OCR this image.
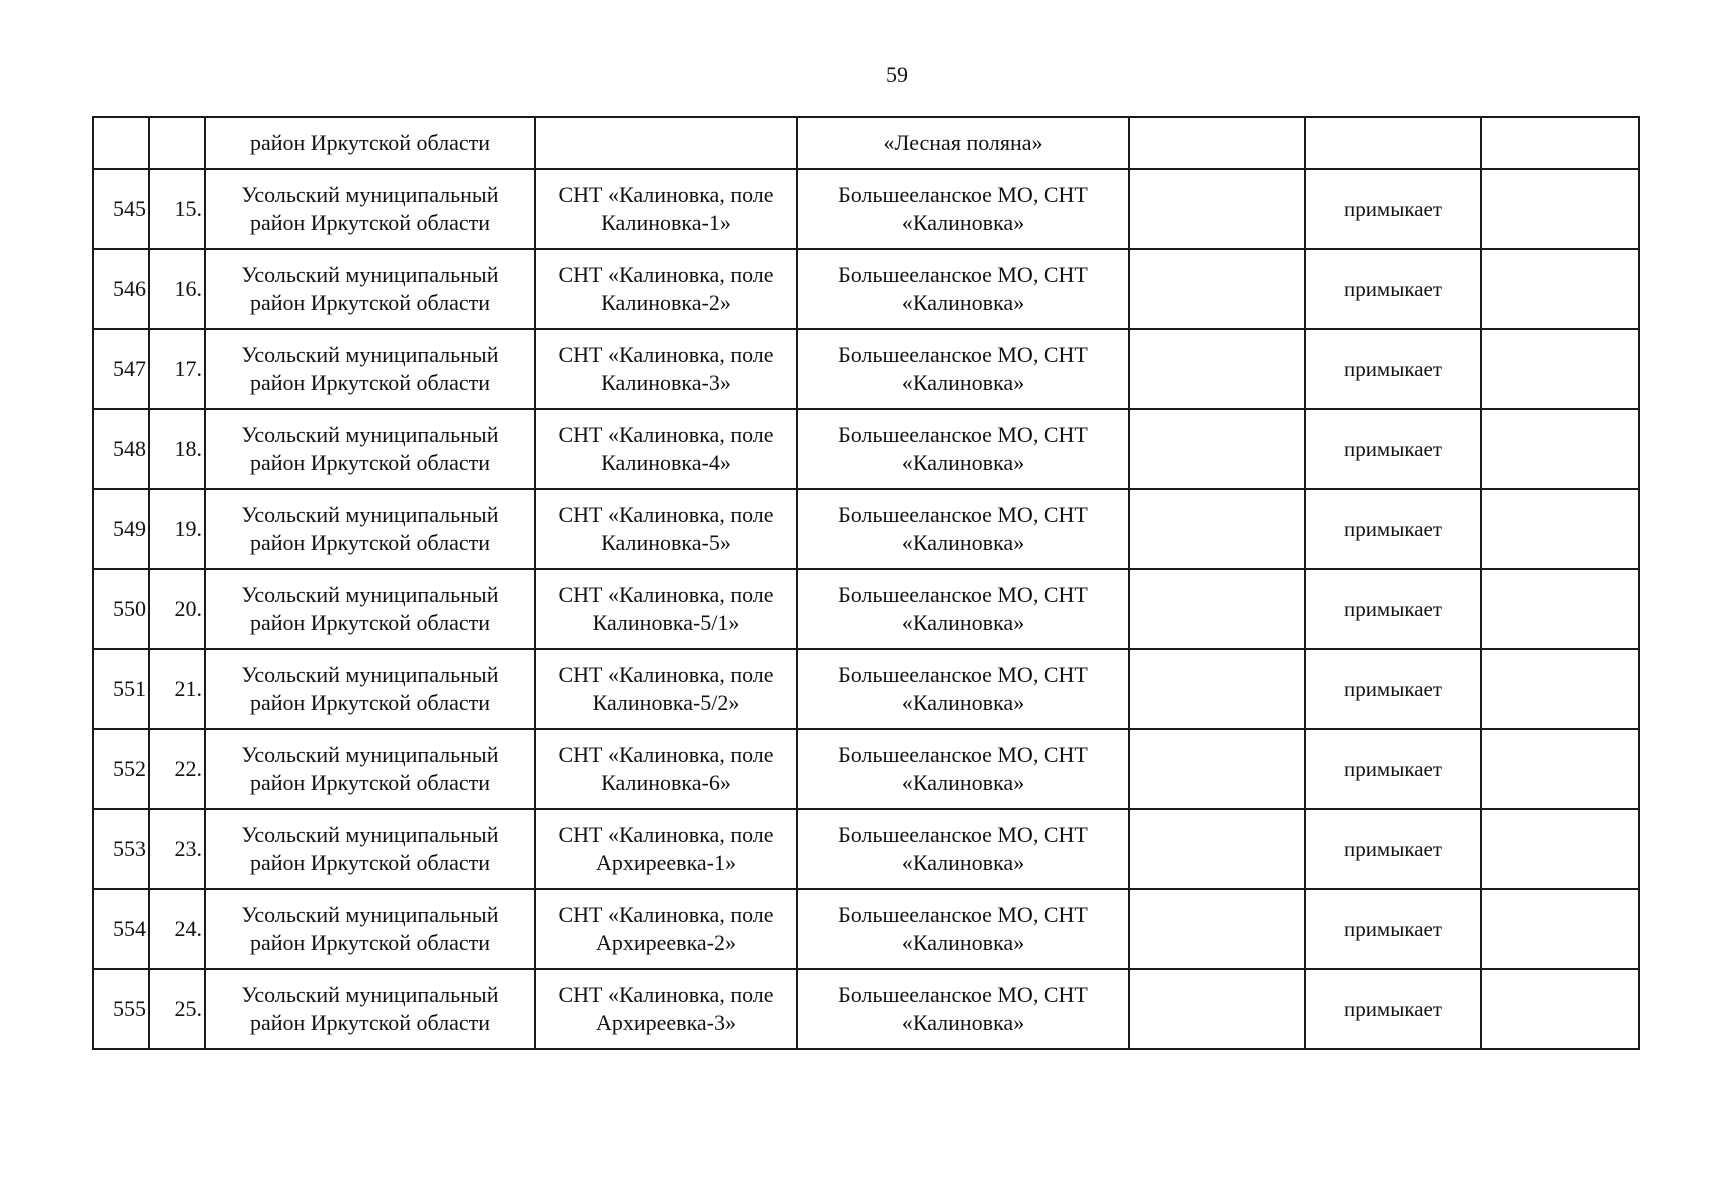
59
		район Иркутской области		«Лесная поляна»			
545	15.	Усольский муниципальный район Иркутской области	СНТ «Калиновка, поле Калиновка-1»	Большееланское МО, СНТ «Калиновка»		примыкает	
546	16.	Усольский муниципальный район Иркутской области	СНТ «Калиновка, поле Калиновка-2»	Большееланское МО, СНТ «Калиновка»		примыкает	
547	17.	Усольский муниципальный район Иркутской области	СНТ «Калиновка, поле Калиновка-3»	Большееланское МО, СНТ «Калиновка»		примыкает	
548	18.	Усольский муниципальный район Иркутской области	СНТ «Калиновка, поле Калиновка-4»	Большееланское МО, СНТ «Калиновка»		примыкает	
549	19.	Усольский муниципальный район Иркутской области	СНТ «Калиновка, поле Калиновка-5»	Большееланское МО, СНТ «Калиновка»		примыкает	
550	20.	Усольский муниципальный район Иркутской области	СНТ «Калиновка, поле Калиновка-5/1»	Большееланское МО, СНТ «Калиновка»		примыкает	
551	21.	Усольский муниципальный район Иркутской области	СНТ «Калиновка, поле Калиновка-5/2»	Большееланское МО, СНТ «Калиновка»		примыкает	
552	22.	Усольский муниципальный район Иркутской области	СНТ «Калиновка, поле Калиновка-6»	Большееланское МО, СНТ «Калиновка»		примыкает	
553	23.	Усольский муниципальный район Иркутской области	СНТ «Калиновка, поле Архиреевка-1»	Большееланское МО, СНТ «Калиновка»		примыкает	
554	24.	Усольский муниципальный район Иркутской области	СНТ «Калиновка, поле Архиреевка-2»	Большееланское МО, СНТ «Калиновка»		примыкает	
555	25.	Усольский муниципальный район Иркутской области	СНТ «Калиновка, поле Архиреевка-3»	Большееланское МО, СНТ «Калиновка»		примыкает	
